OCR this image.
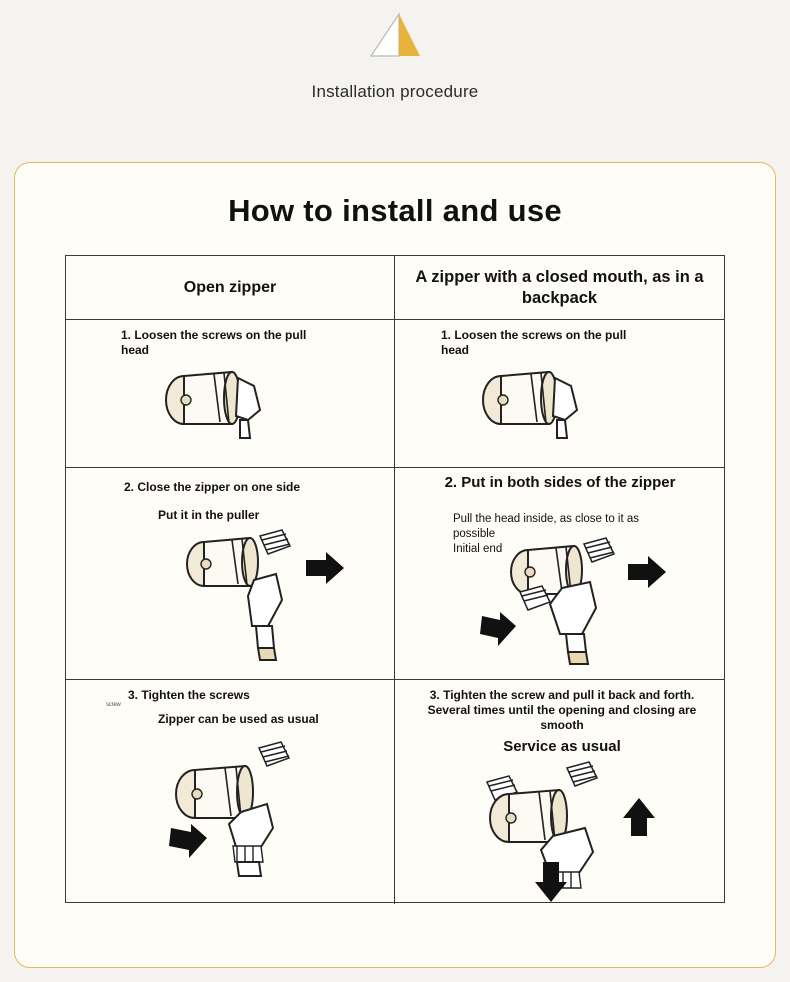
Installation procedure
How to install and use
Open zipper
A zipper with a closed mouth, as in a backpack
1. Loosen the screws on the pull head
1. Loosen the screws on the pull head
2. Close the zipper on one side
Put it in the puller
2. Put in both sides of the zipper
Pull the head inside, as close to it as possible
Initial end
3. Tighten the screws
screw
Zipper can be used as usual
3. Tighten the screw and pull it back and forth. Several times until the opening and closing are smooth
Service as usual
